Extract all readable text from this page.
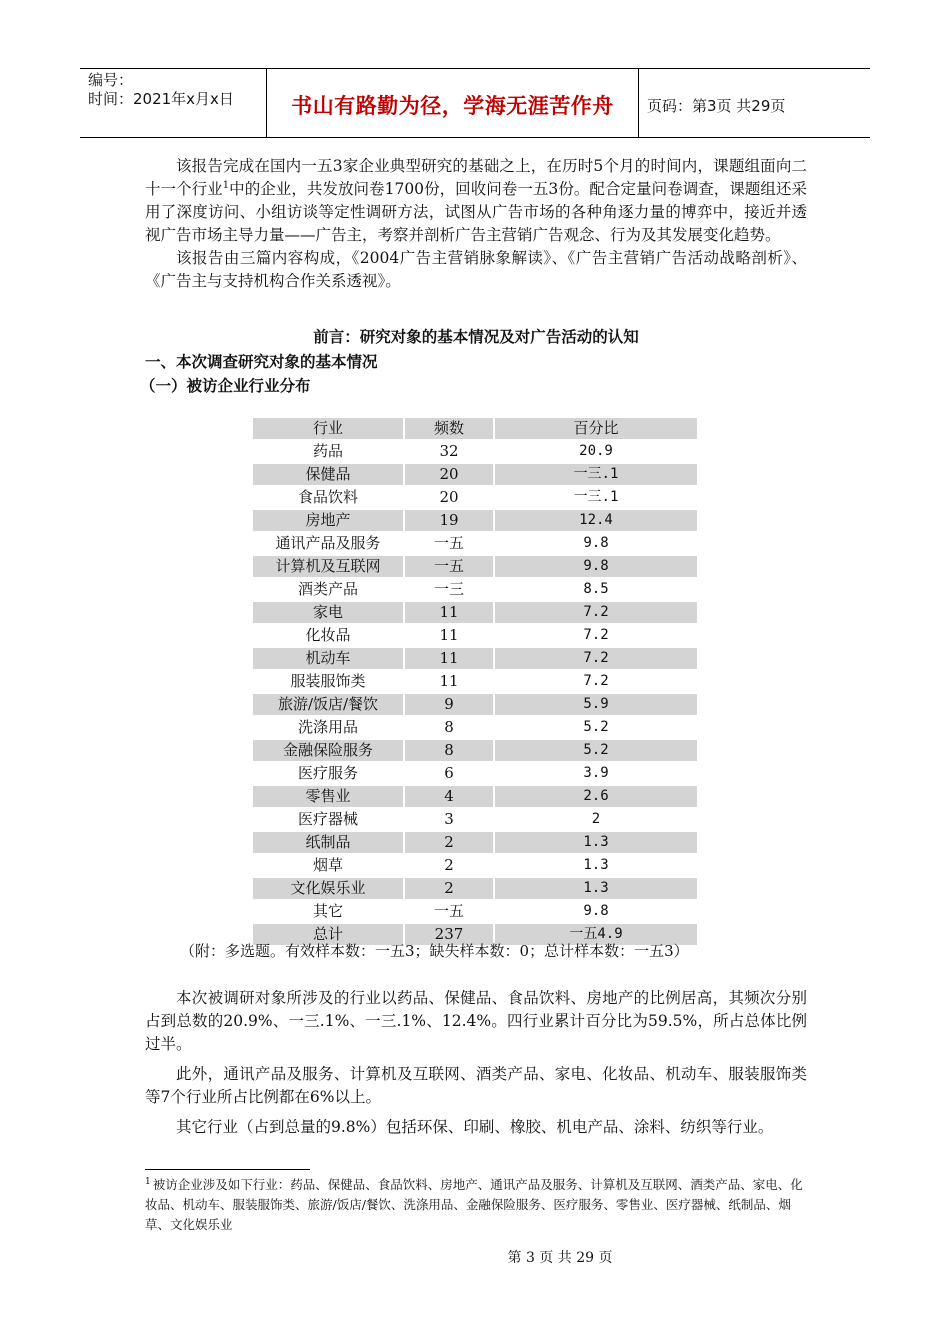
编号：
时间：2021年x月x日	书山有路勤为径，学海无涯苦作舟	页码：第3页 共29页

该报告完成在国内一五3家企业典型研究的基础之上，在历时5个月的时间内，课题组面向二十一个行业$^1$中的企业，共发放问卷1700份，回收问卷一五3份。配合定量问卷调查，课题组还采用了深度访问、小组访谈等定性调研方法，试图从广告市场的各种角逐力量的博弈中，接近并透视广告市场主导力量——广告主，考察并剖析广告主营销广告观念、行为及其发展变化趋势。

该报告由三篇内容构成，《2004广告主营销脉象解读》、《广告主营销广告活动战略剖析》、《广告主与支持机构合作关系透视》。

前言：研究对象的基本情况及对广告活动的认知
一、本次调查研究对象的基本情况
（一）被访企业行业分布
行业	频数	百分比
药品	32	20.9
保健品	20	一三.1
食品饮料	20	一三.1
房地产	19	12.4
通讯产品及服务	一五	9.8
计算机及互联网	一五	9.8
酒类产品	一三	8.5
家电	11	7.2
化妆品	11	7.2
机动车	11	7.2
服装服饰类	11	7.2
旅游/饭店/餐饮	9	5.9
洗涤用品	8	5.2
金融保险服务	8	5.2
医疗服务	6	3.9
零售业	4	2.6
医疗器械	3	2
纸制品	2	1.3
烟草	2	1.3
文化娱乐业	2	1.3
其它	一五	9.8
总计	237	一五4.9
（附：多选题。有效样本数：一五3；缺失样本数：0；总计样本数：一五3）

本次被调研对象所涉及的行业以药品、保健品、食品饮料、房地产的比例居高，其频次分别占到总数的20.9%、一三.1%、一三.1%、12.4%。四行业累计百分比为59.5%，所占总体比例过半。

此外，通讯产品及服务、计算机及互联网、酒类产品、家电、化妆品、机动车、服装服饰类等7个行业所占比例都在6%以上。

其它行业（占到总量的9.8%）包括环保、印刷、橡胶、机电产品、涂料、纺织等行业。

$^1$ 被访企业涉及如下行业：药品、保健品、食品饮料、房地产、通讯产品及服务、计算机及互联网、酒类产品、家电、化妆品、机动车、服装服饰类、旅游/饭店/餐饮、洗涤用品、金融保险服务、医疗服务、零售业、医疗器械、纸制品、烟草、文化娱乐业
第 3 页 共 29 页
